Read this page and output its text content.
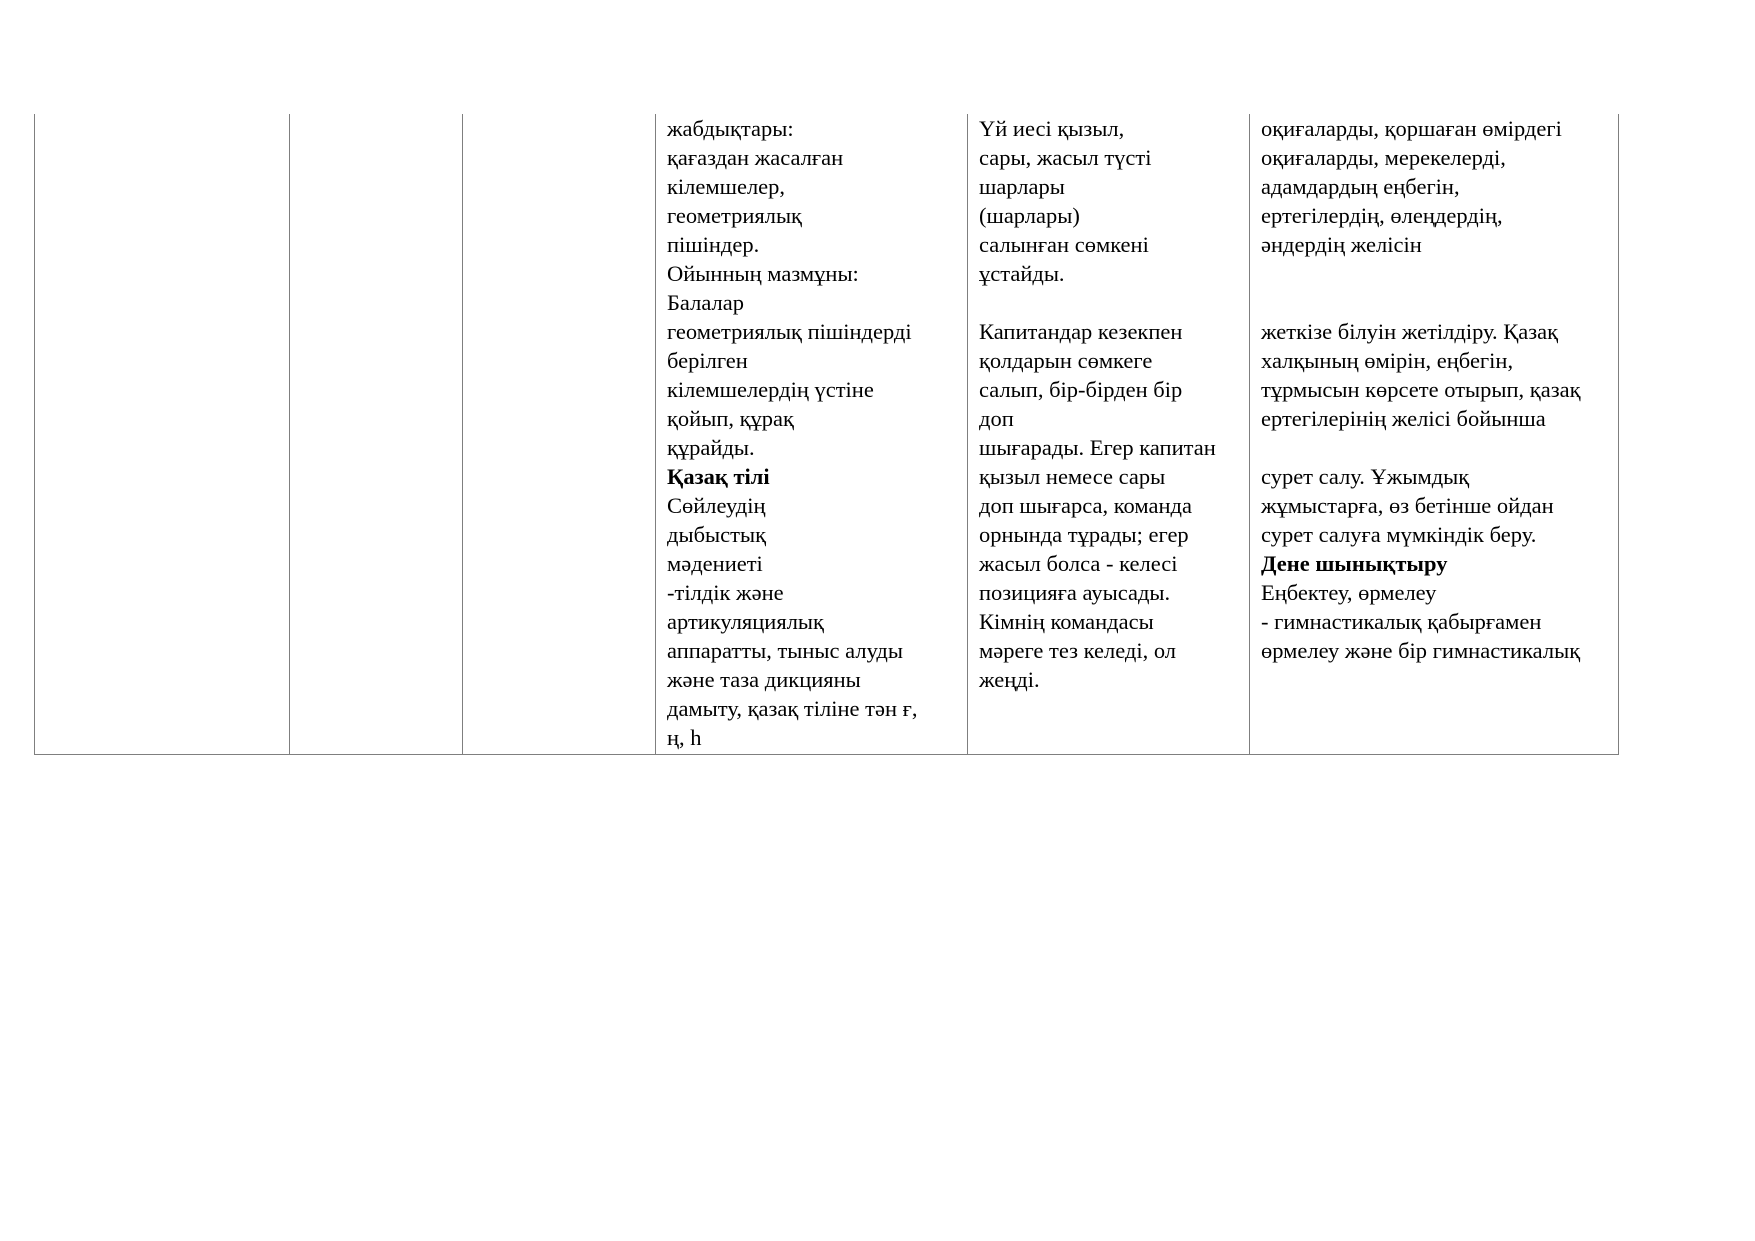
жабдықтары:
қағаздан жасалған
кілемшелер,
геометриялық
пішіндер.
Ойынның мазмұны:
Балалар
геометриялық пішіндерді
берілген
кілемшелердің үстіне
қойып, құрақ
құрайды.
Қазақ тілі
Сөйлеудің
дыбыстық
мәдениеті
-тілдік және
артикуляциялық
аппаратты, тыныс алуды
және таза дикцияны
дамыту, қазақ тіліне тән ғ,
ң, һ

Үй иесі қызыл,
сары, жасыл түсті
шарлары
(шарлары)
салынған сөмкені
ұстайды.
Капитандар кезекпен
қолдарын сөмкеге
салып, бір-бірден бір
доп
шығарады. Егер капитан
қызыл немесе сары
доп шығарса, команда
орнында тұрады; егер
жасыл болса - келесі
позицияға ауысады.
Кімнің командасы
мәреге тез келеді, ол
жеңді.

оқиғаларды, қоршаған өмірдегі
оқиғаларды, мерекелерді,
адамдардың еңбегін,
ертегілердің, өлеңдердің,
әндердің желісін
жеткізе білуін жетілдіру. Қазақ
халқының өмірін, еңбегін,
тұрмысын көрсете отырып, қазақ
ертегілерінің желісі бойынша
сурет салу. Ұжымдық
жұмыстарға, өз бетінше ойдан
сурет салуға мүмкіндік беру.
Дене шынықтыру
Еңбектеу, өрмелеу
- гимнастикалық қабырғамен
өрмелеу және бір гимнастикалық
